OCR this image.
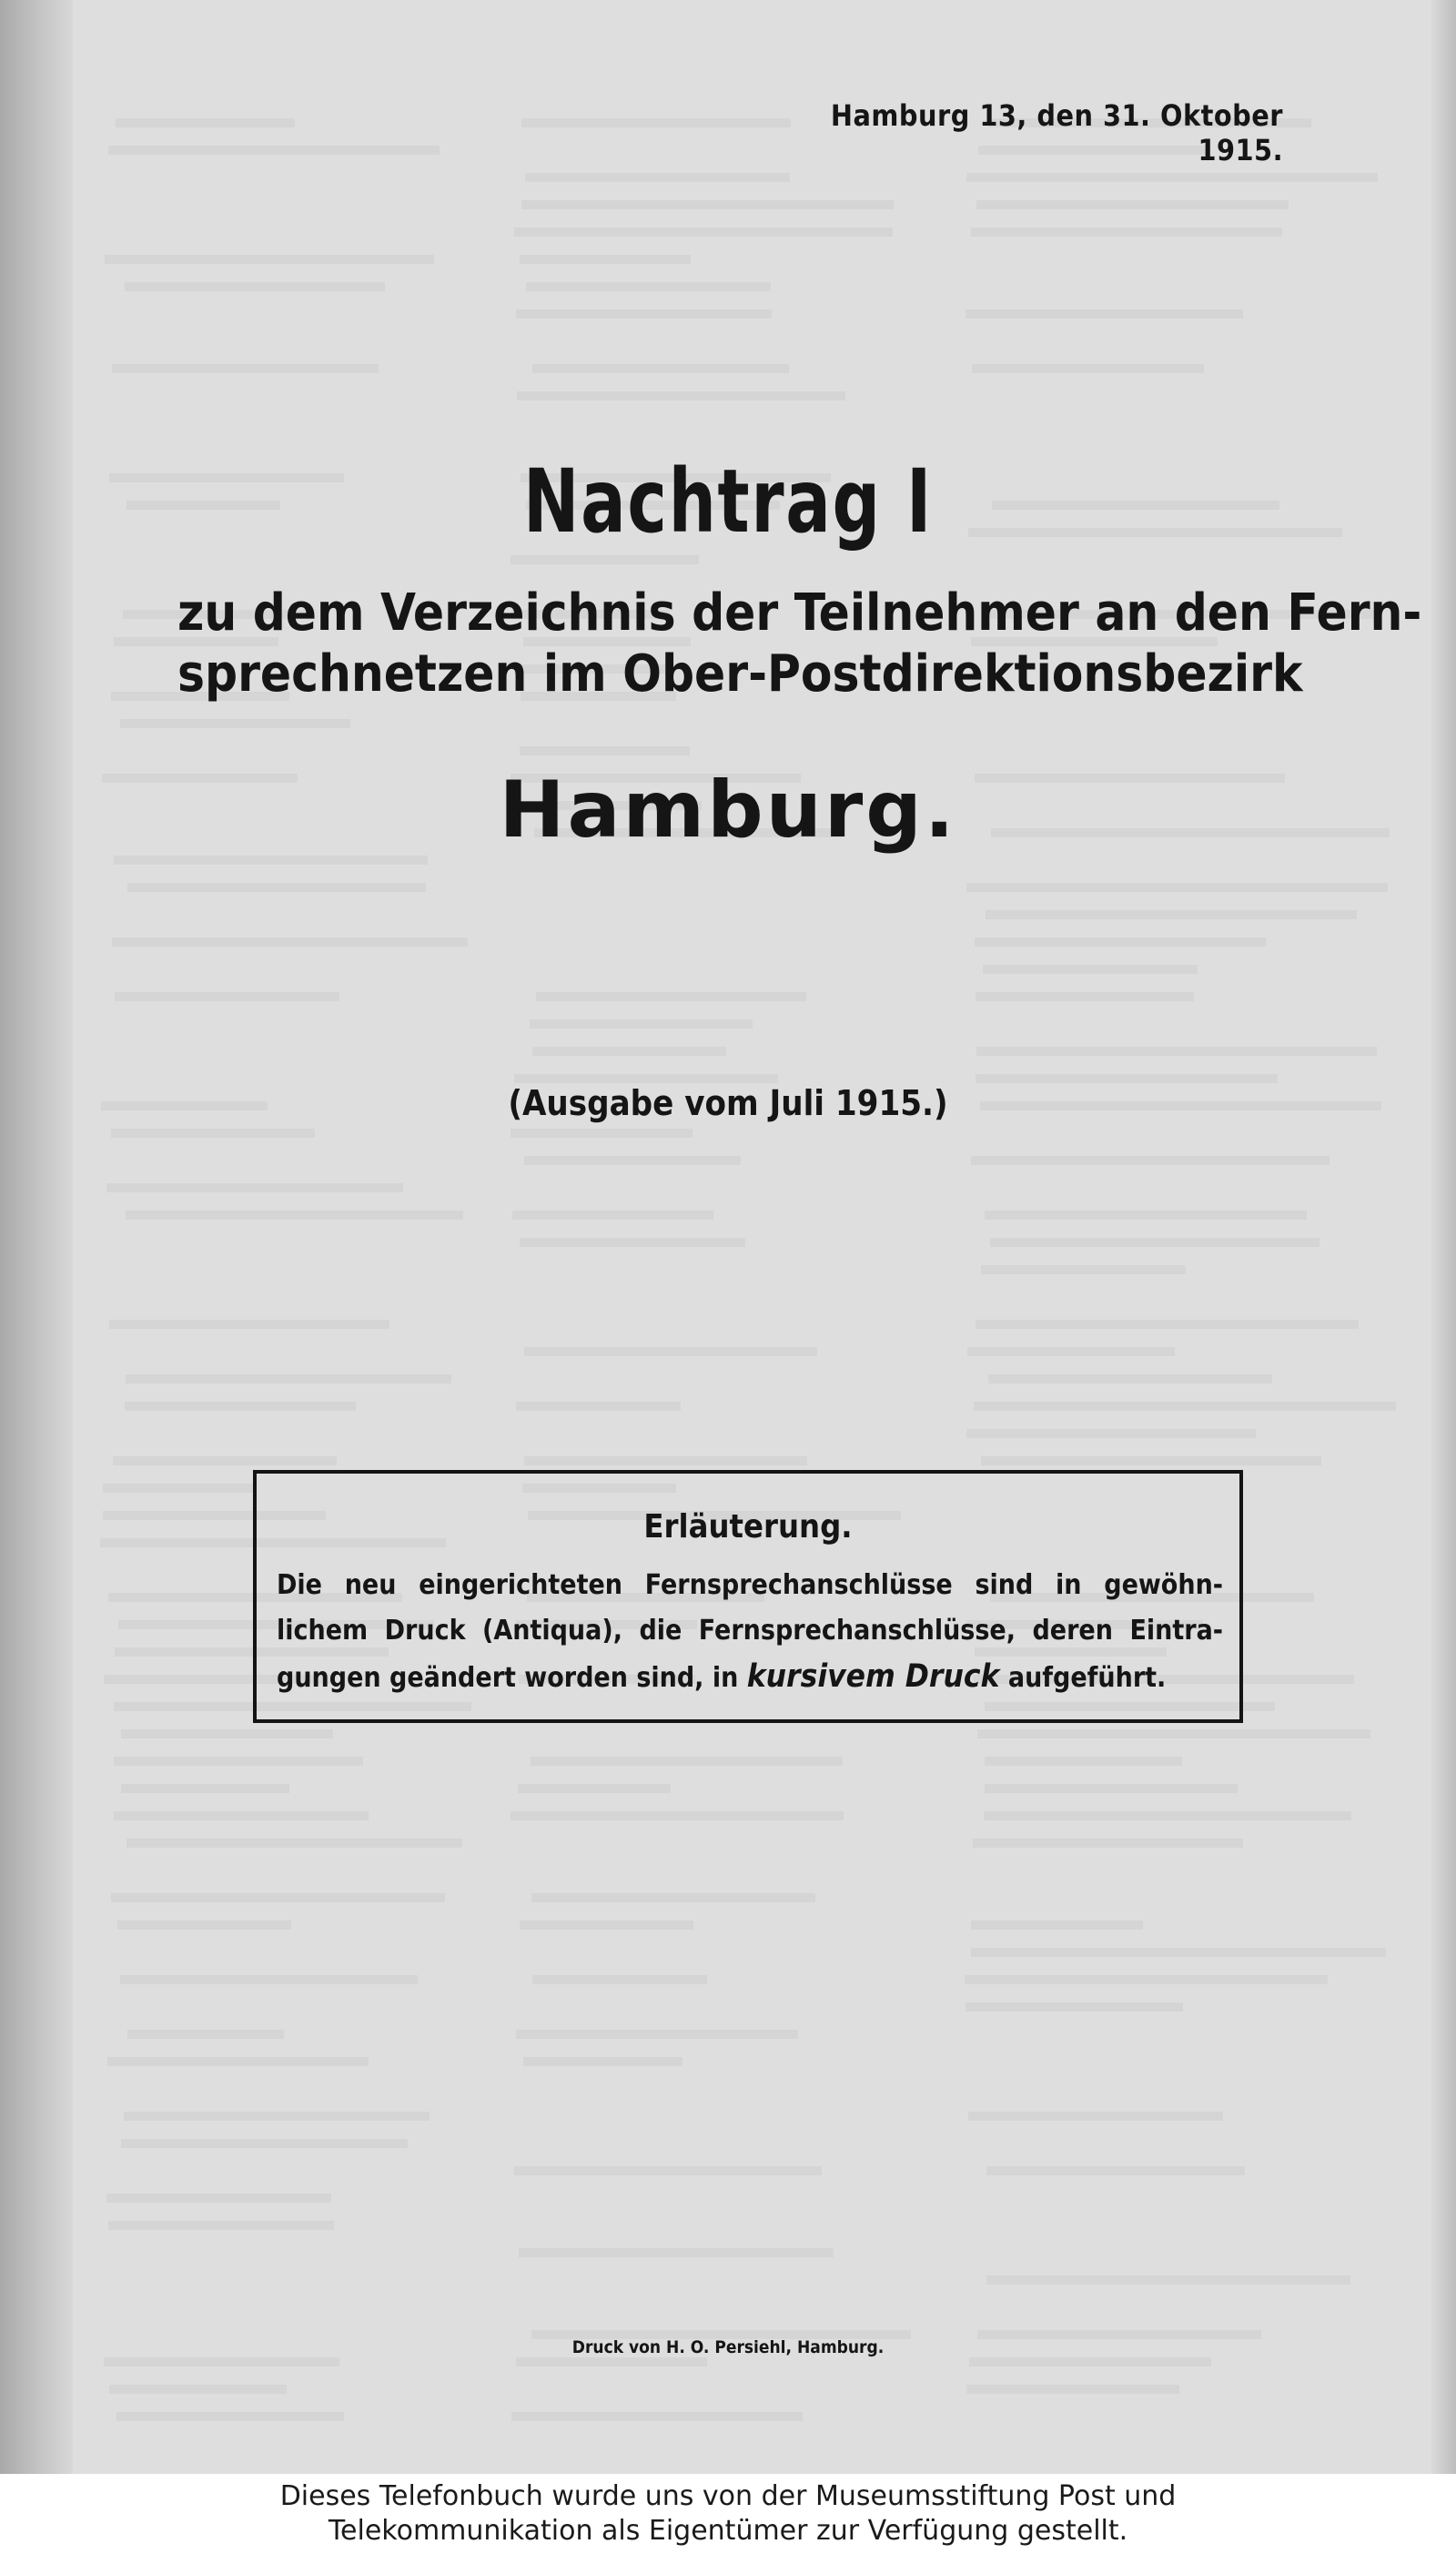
Hamburg 13, den 31. Oktober 1915.

Nachtrag I
zu dem Verzeichnis der Teilnehmer an den Fern-
sprechnetzen im Ober-Postdirektionsbezirk
Hamburg.

(Ausgabe vom Juli 1915.)

Erläuterung.
Die neu eingerichteten Fernsprechanschlüsse sind in gewöhn- lichem Druck (Antiqua), die Fernsprechanschlüsse, deren Eintra- gungen geändert worden sind, in kursivem Druck aufgeführt.

Druck von H. O. Persiehl, Hamburg.

Dieses Telefonbuch wurde uns von der Museumsstiftung Post und
Telekommunikation als Eigentümer zur Verfügung gestellt.
